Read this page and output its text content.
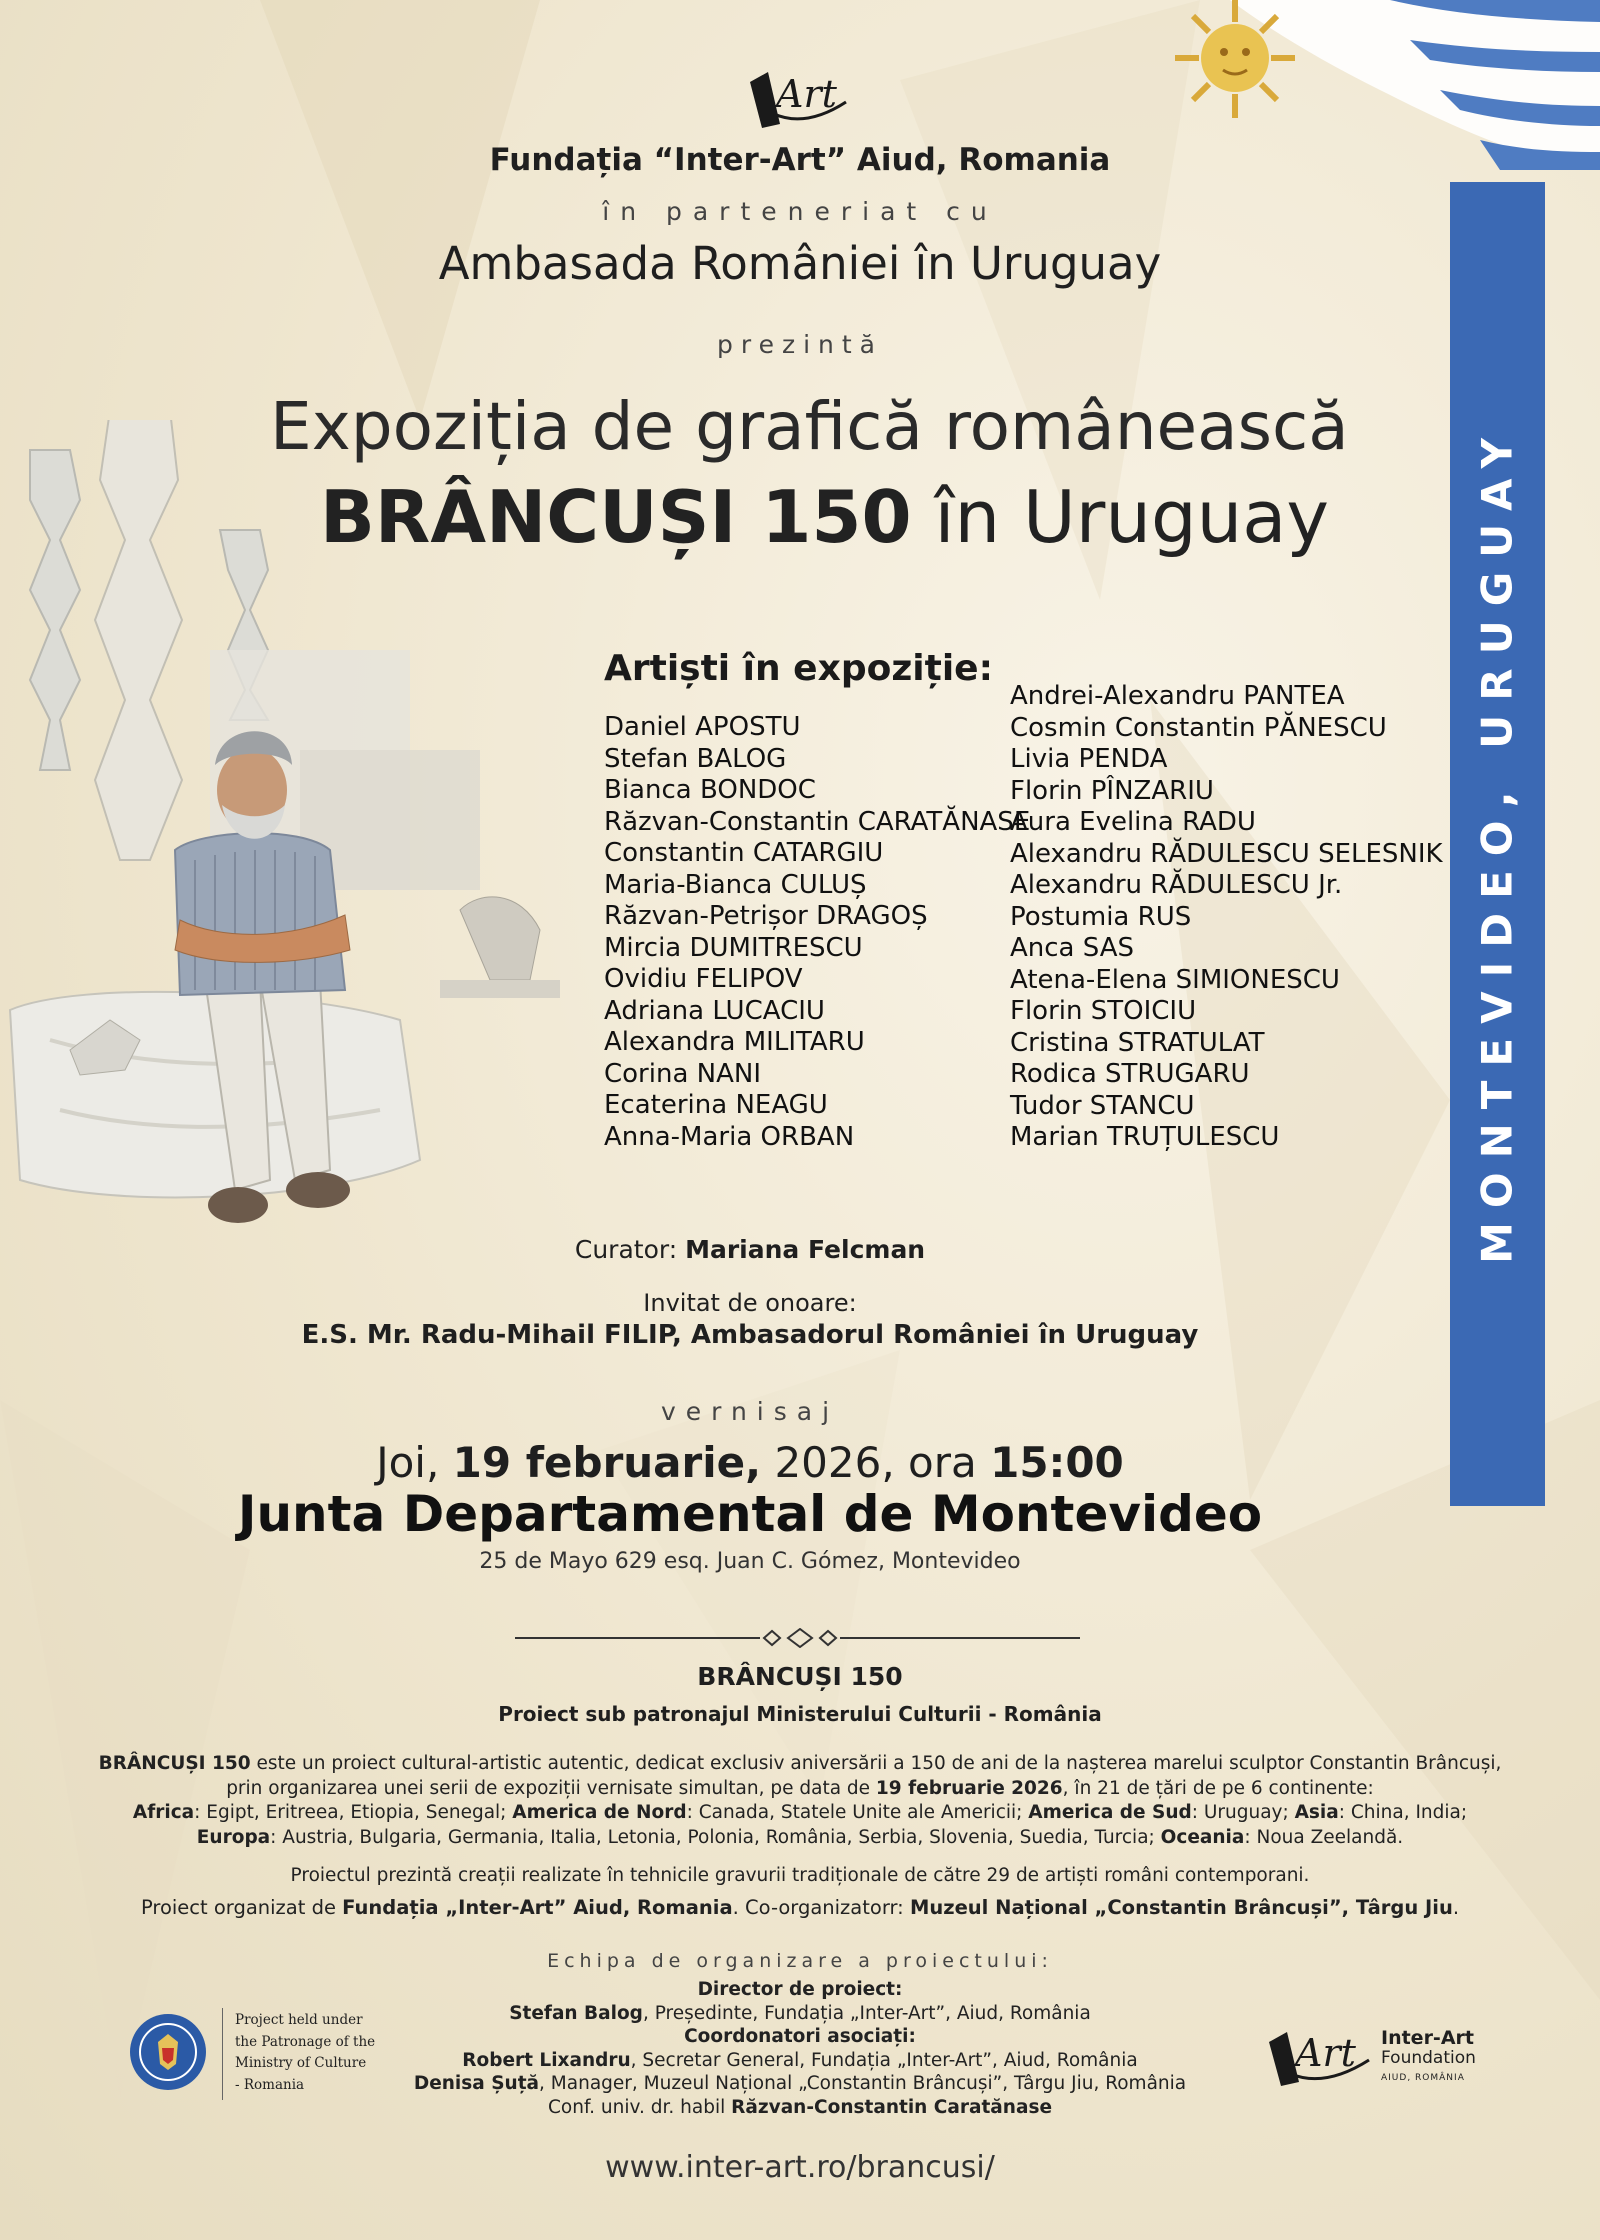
MONTEVIDEO, URUGUAY
Art
Fundația “Inter-Art” Aiud, Romania
în parteneriat cu
Ambasada României în Uruguay
prezintă
Expoziția de grafică românească
BRÂNCUȘI 150 în Uruguay
Artiști în expoziție:
Daniel APOSTU
Stefan BALOG
Bianca BONDOC
Răzvan-Constantin CARATĂNASE
Constantin CATARGIU
Maria-Bianca CULUȘ
Răzvan-Petrișor DRAGOȘ
Mircia DUMITRESCU
Ovidiu FELIPOV
Adriana LUCACIU
Alexandra MILITARU
Corina NANI
Ecaterina NEAGU
Anna-Maria ORBAN
Andrei-Alexandru PANTEA
Cosmin Constantin PĂNESCU
Livia PENDA
Florin PÎNZARIU
Aura Evelina RADU
Alexandru RĂDULESCU SELESNIK
Alexandru RĂDULESCU Jr.
Postumia RUS
Anca SAS
Atena-Elena SIMIONESCU
Florin STOICIU
Cristina STRATULAT
Rodica STRUGARU
Tudor STANCU
Marian TRUȚULESCU
Curator: Mariana Felcman
Invitat de onoare:
E.S. Mr. Radu-Mihail FILIP, Ambasadorul României în Uruguay
vernisaj
Joi, 19 februarie, 2026, ora 15:00
Junta Departamental de Montevideo
25 de Mayo 629 esq. Juan C. Gómez, Montevideo
BRÂNCUȘI 150
Proiect sub patronajul Ministerului Culturii - România
BRÂNCUȘI 150 este un proiect cultural-artistic autentic, dedicat exclusiv aniversării a 150 de ani de la nașterea marelui sculptor Constantin Brâncuși,
prin organizarea unei serii de expoziții vernisate simultan, pe data de 19 februarie 2026, în 21 de țări de pe 6 continente:
Africa: Egipt, Eritreea, Etiopia, Senegal; America de Nord: Canada, Statele Unite ale Americii; America de Sud: Uruguay; Asia: China, India;
Europa: Austria, Bulgaria, Germania, Italia, Letonia, Polonia, România, Serbia, Slovenia, Suedia, Turcia; Oceania: Noua Zeelandă.
Proiectul prezintă creații realizate în tehnicile gravurii tradiționale de către 29 de artiști români contemporani.
Proiect organizat de Fundația „Inter-Art” Aiud, Romania. Co-organizatorr: Muzeul Național „Constantin Brâncuși”, Târgu Jiu.
Echipa de organizare a proiectului:
Director de proiect:
Stefan Balog, Președinte, Fundația „Inter-Art”, Aiud, România
Coordonatori asociați:
Robert Lixandru, Secretar General, Fundația „Inter-Art”, Aiud, România
Denisa Șuță, Manager, Muzeul Național „Constantin Brâncuși”, Târgu Jiu, România
Conf. univ. dr. habil Răzvan-Constantin Caratănase
Project held under
the Patronage of the
Ministry of Culture
- Romania
Art Inter-Art
Foundation
AIUD, ROMÂNIA
www.inter-art.ro/brancusi/
